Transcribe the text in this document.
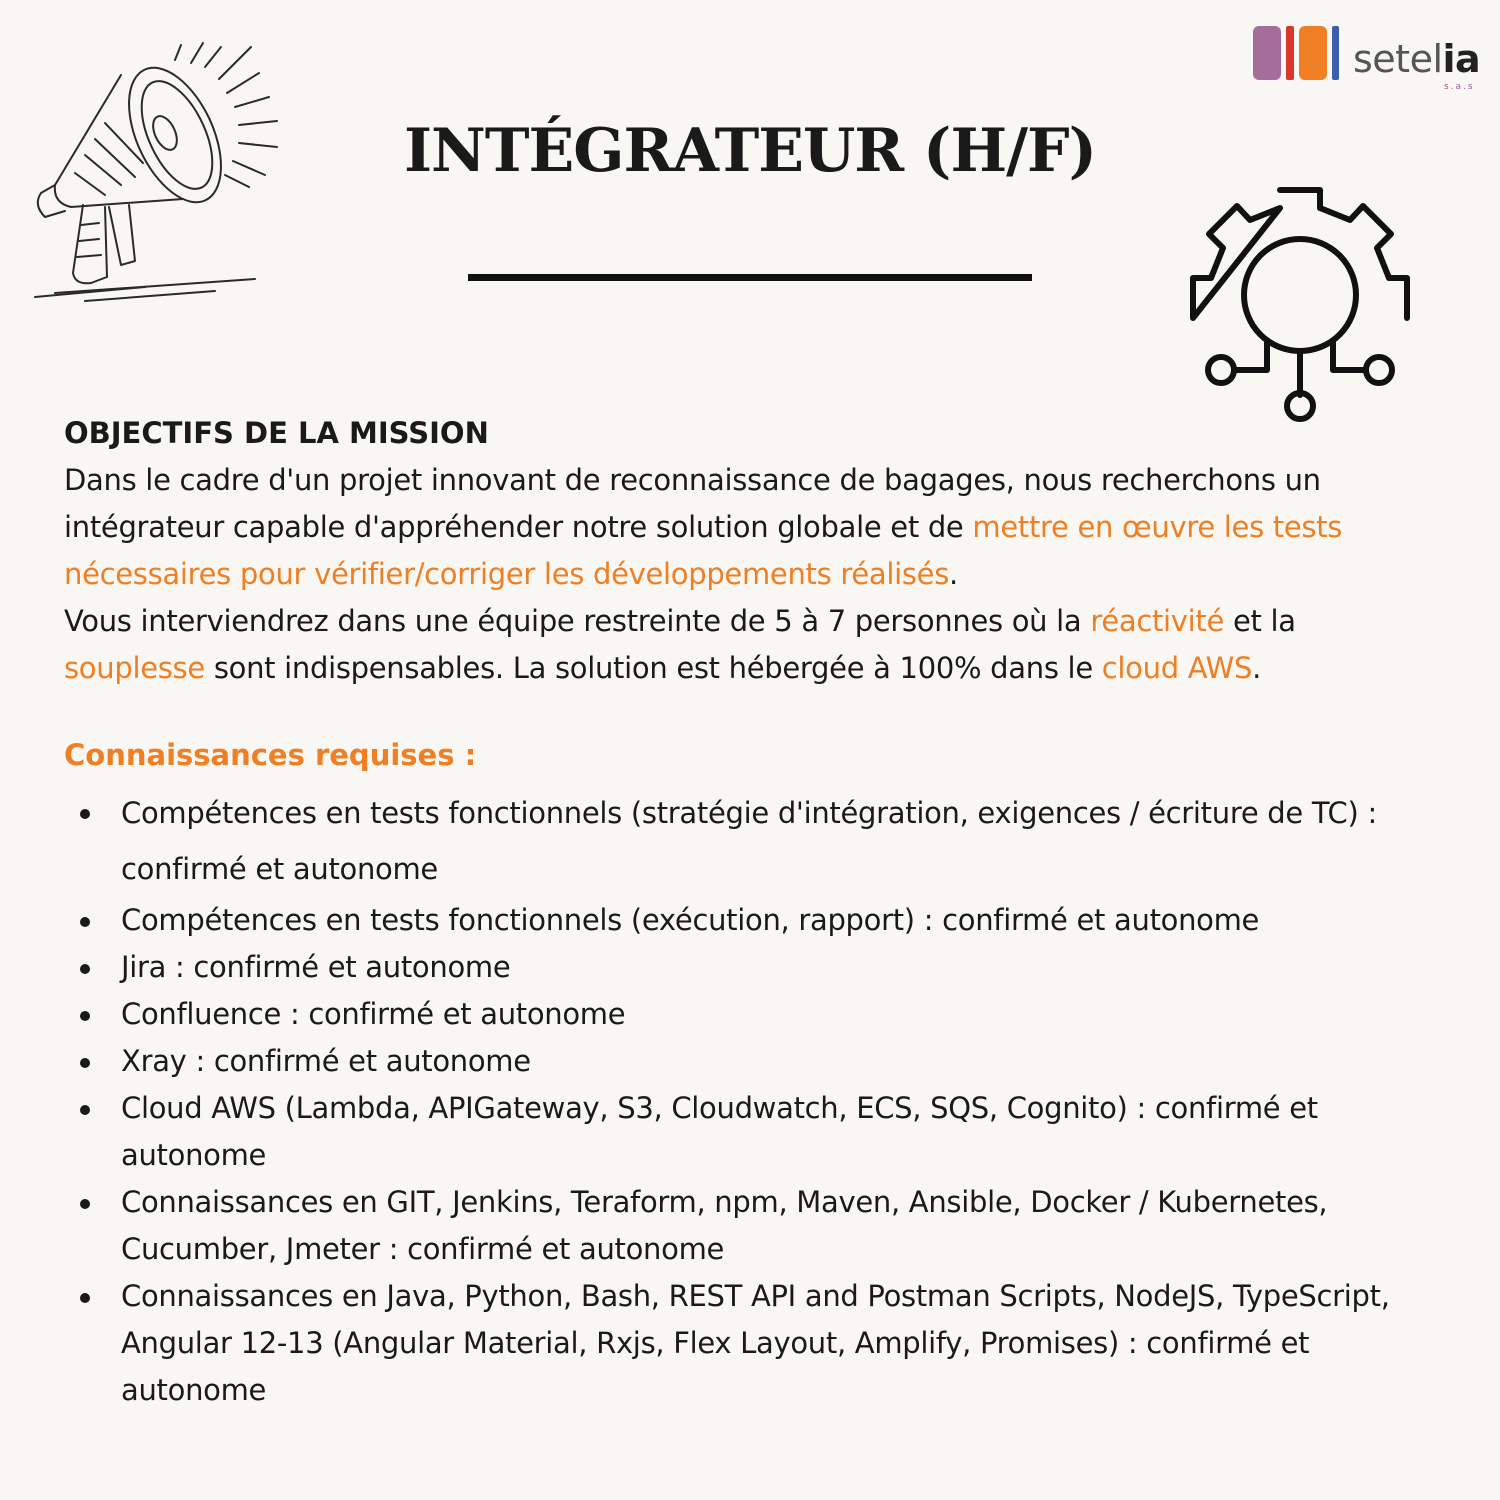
setelia
s.a.s
INTÉGRATEUR (H/F)
OBJECTIFS DE LA MISSION

Dans le cadre d'un projet innovant de reconnaissance de bagages, nous recherchons un intégrateur capable d'appréhender notre solution globale et de mettre en œuvre les tests nécessaires pour vérifier/corriger les développements réalisés.

Vous interviendrez dans une équipe restreinte de 5 à 7 personnes où la réactivité et la souplesse sont indispensables. La solution est hébergée à 100% dans le cloud AWS.

Connaissances requises :
Compétences en tests fonctionnels (stratégie d'intégration, exigences / écriture de TC) : confirmé et autonome
Compétences en tests fonctionnels (exécution, rapport) : confirmé et autonome
Jira : confirmé et autonome
Confluence : confirmé et autonome
Xray : confirmé et autonome
Cloud AWS (Lambda, APIGateway, S3, Cloudwatch, ECS, SQS, Cognito) : confirmé et autonome
Connaissances en GIT, Jenkins, Teraform, npm, Maven, Ansible, Docker / Kubernetes, Cucumber, Jmeter : confirmé et autonome
Connaissances en Java, Python, Bash, REST API and Postman Scripts, NodeJS, TypeScript, Angular 12-13 (Angular Material, Rxjs, Flex Layout, Amplify, Promises) : confirmé et autonome
